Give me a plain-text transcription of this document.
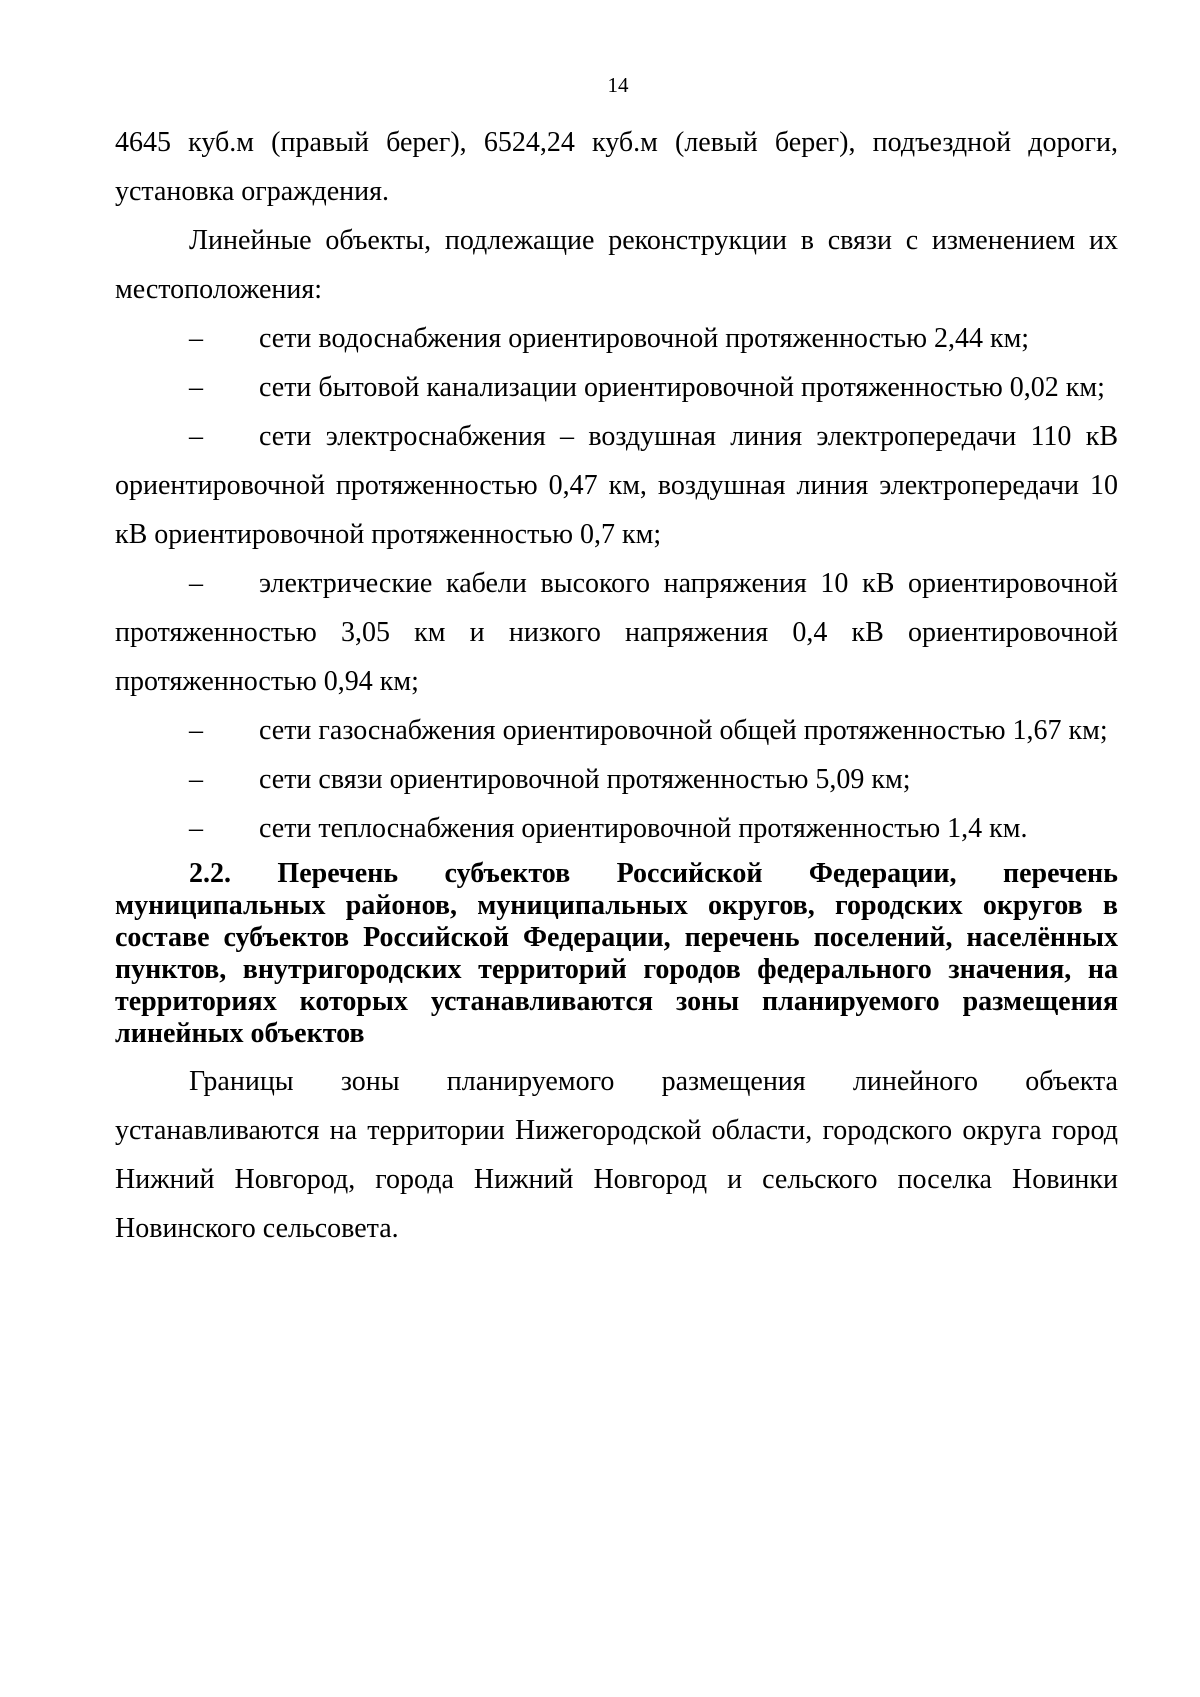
14

4645 куб.м (правый берег), 6524,24 куб.м (левый берег), подъездной дороги, установка ограждения.

Линейные объекты, подлежащие реконструкции в связи с изменением их местоположения:

– сети водоснабжения ориентировочной протяженностью 2,44 км;

– сети бытовой канализации ориентировочной протяженностью 0,02 км;

– сети электроснабжения – воздушная линия электропередачи 110 кВ ориентировочной протяженностью 0,47 км, воздушная линия электропередачи 10 кВ ориентировочной протяженностью 0,7 км;

– электрические кабели высокого напряжения 10 кВ ориентировочной протяженностью 3,05 км и низкого напряжения 0,4 кВ ориентировочной протяженностью 0,94 км;

– сети газоснабжения ориентировочной общей протяженностью 1,67 км;

– сети связи ориентировочной протяженностью 5,09 км;

– сети теплоснабжения ориентировочной протяженностью 1,4 км.

2.2. Перечень субъектов Российской Федерации, перечень муниципальных районов, муниципальных округов, городских округов в составе субъектов Российской Федерации, перечень поселений, населённых пунктов, внутригородских территорий городов федерального значения, на территориях которых устанавливаются зоны планируемого размещения линейных объектов

Границы зоны планируемого размещения линейного объекта устанавливаются на территории Нижегородской области, городского округа город Нижний Новгород, города Нижний Новгород и сельского поселка Новинки Новинского сельсовета.
